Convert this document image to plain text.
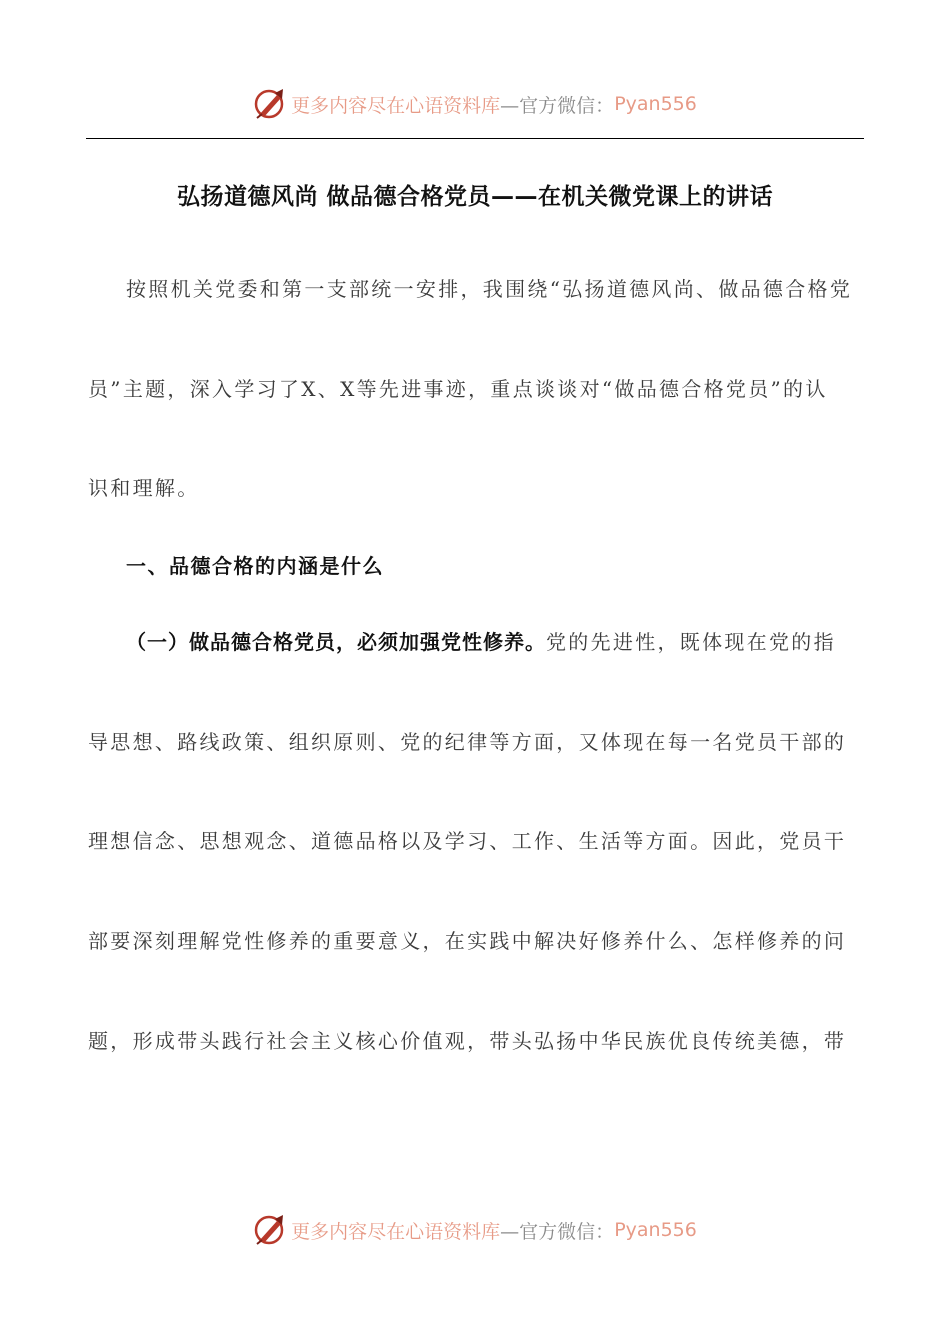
更多内容尽在心语资料库 —官方微信： Pyan556
弘扬道德风尚 做品德合格党员——在机关微党课上的讲话
按照机关党委和第一支部统一安排，我围绕“弘扬道德风尚、做品德合格党
员”主题，深入学习了X、X等先进事迹，重点谈谈对“做品德合格党员”的认
识和理解。
一、品德合格的内涵是什么
（一）做品德合格党员，必须加强党性修养。党的先进性，既体现在党的指
导思想、路线政策、组织原则、党的纪律等方面，又体现在每一名党员干部的
理想信念、思想观念、道德品格以及学习、工作、生活等方面。因此，党员干
部要深刻理解党性修养的重要意义，在实践中解决好修养什么、怎样修养的问
题，形成带头践行社会主义核心价值观，带头弘扬中华民族优良传统美德，带
更多内容尽在心语资料库 —官方微信： Pyan556
